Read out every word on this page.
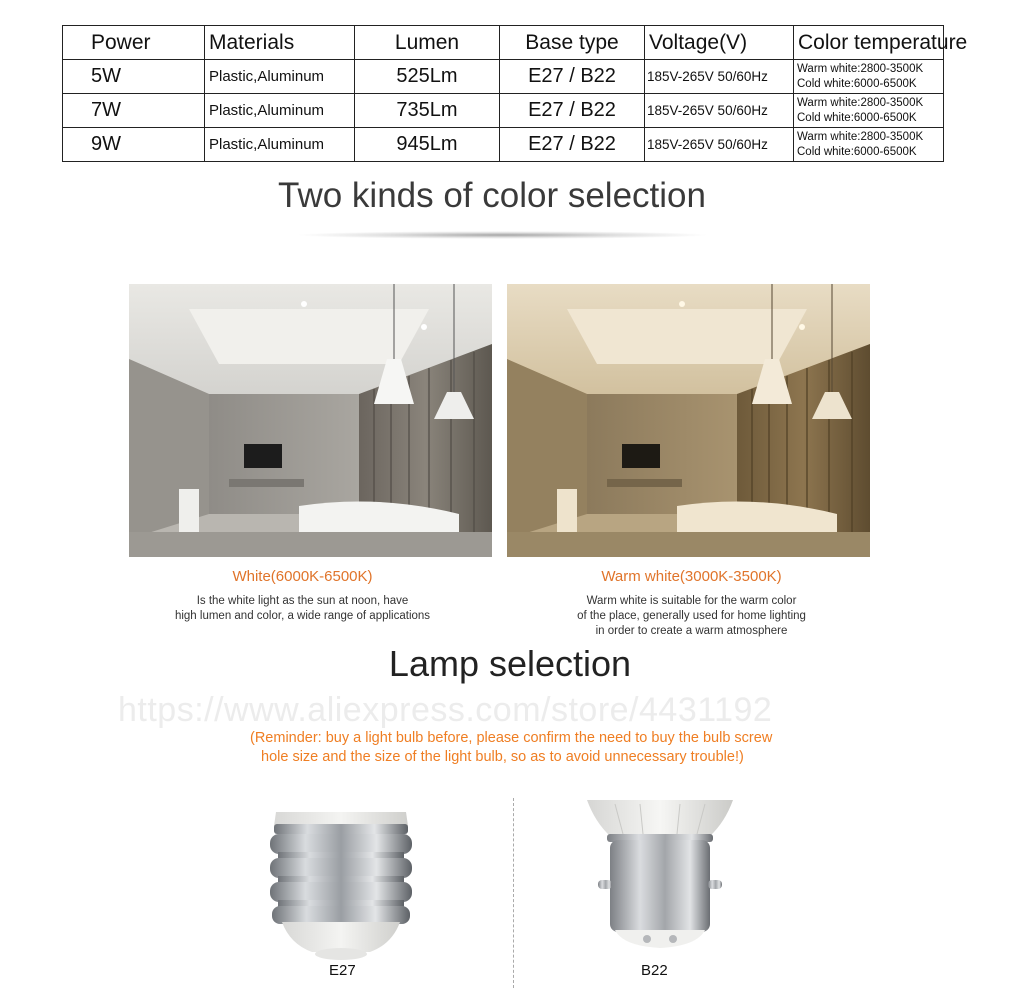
Power	Materials	Lumen	Base type	Voltage(V)	Color temperature
5W	Plastic,Aluminum	525Lm	E27 / B22	185V-265V 50/60Hz	Warm white:2800-3500K
Cold white:6000-6500K

7W	Plastic,Aluminum	735Lm	E27 / B22	185V-265V 50/60Hz	Warm white:2800-3500K
Cold white:6000-6500K

9W	Plastic,Aluminum	945Lm	E27 / B22	185V-265V 50/60Hz	Warm white:2800-3500K
Cold white:6000-6500K
Two kinds of color selection
White(6000K-6500K)
Is the white light as the sun at noon, have
high lumen and color, a wide range of applications
Warm white(3000K-3500K)
Warm white is suitable for the warm color
of the place, generally used for home lighting
in order to create a warm atmosphere
Lamp selection
https://www.aliexpress.com/store/4431192
(Reminder: buy a light bulb before, please confirm the need to buy the bulb screw
hole size and the size of the light bulb, so as to avoid unnecessary trouble!)
E27	B22
